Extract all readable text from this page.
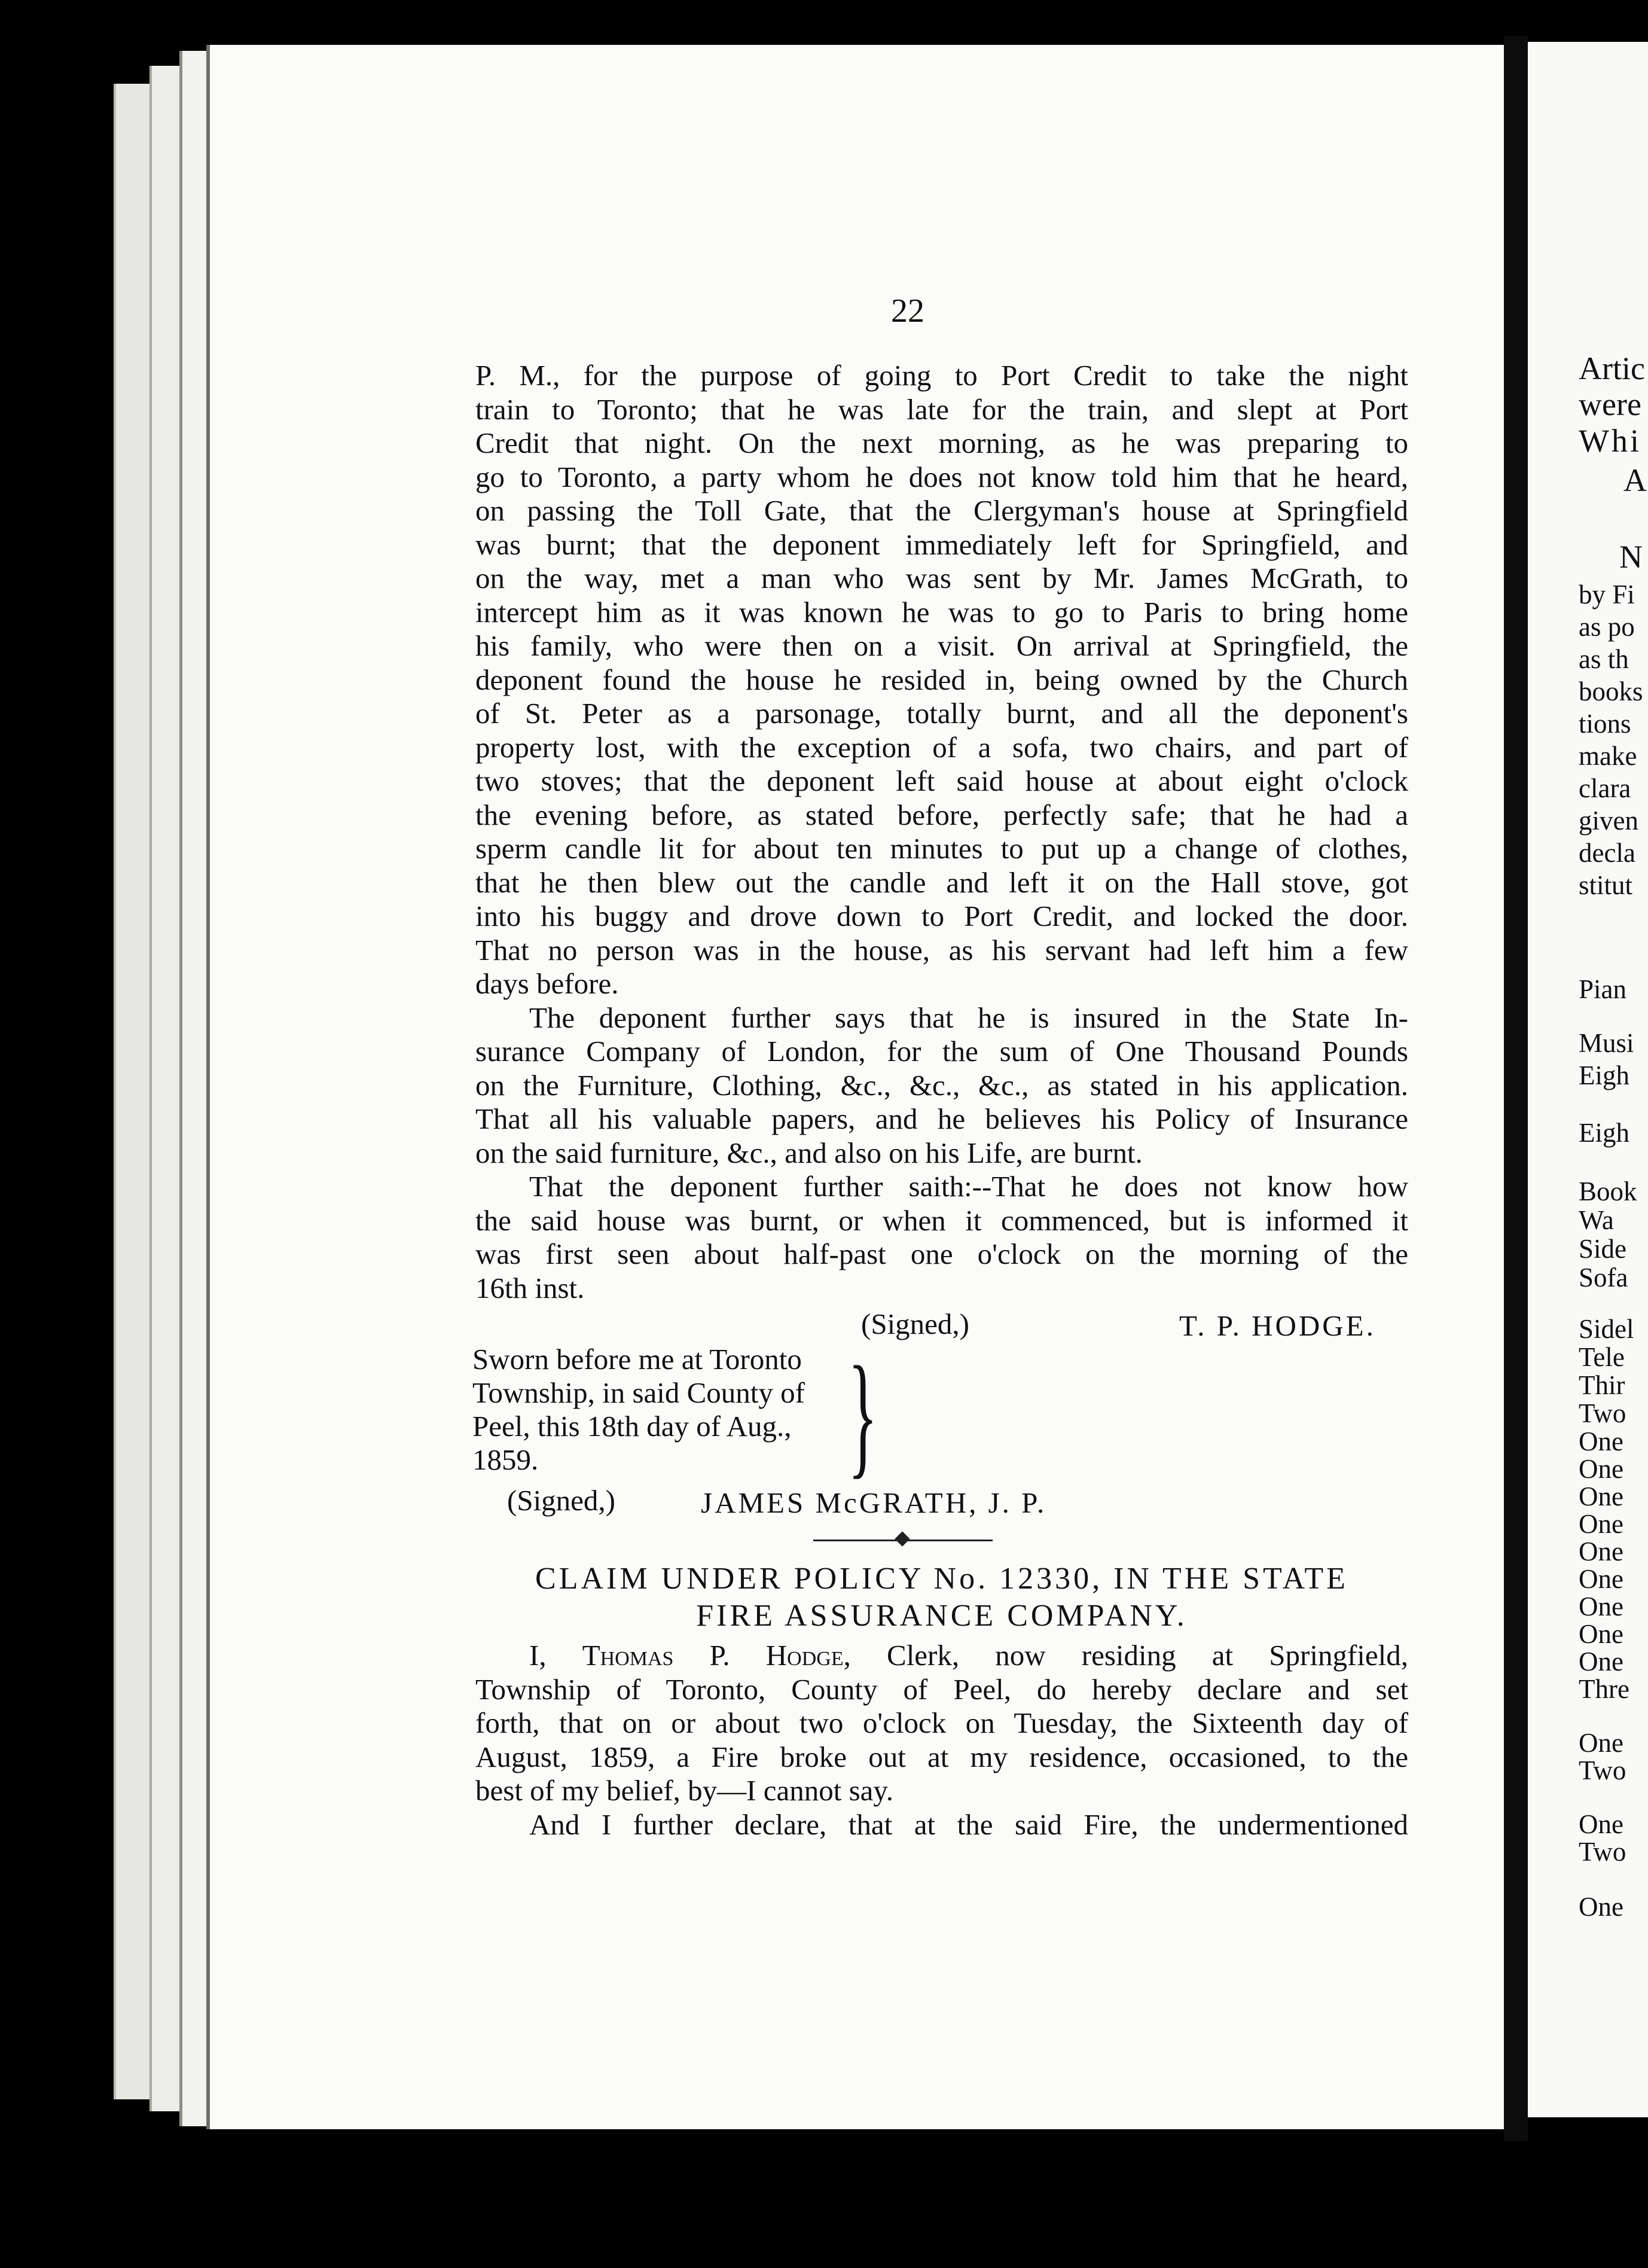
22
P. M., for the purpose of going to Port Credit to take the night
train to Toronto; that he was late for the train, and slept at Port
Credit that night. On the next morning, as he was preparing to
go to Toronto, a party whom he does not know told him that he heard,
on passing the Toll Gate, that the Clergyman's house at Springfield
was burnt; that the deponent immediately left for Springfield, and
on the way, met a man who was sent by Mr. James McGrath, to
intercept him as it was known he was to go to Paris to bring home
his family, who were then on a visit. On arrival at Springfield, the
deponent found the house he resided in, being owned by the Church
of St. Peter as a parsonage, totally burnt, and all the deponent's
property lost, with the exception of a sofa, two chairs, and part of
two stoves; that the deponent left said house at about eight o'clock
the evening before, as stated before, perfectly safe; that he had a
sperm candle lit for about ten minutes to put up a change of clothes,
that he then blew out the candle and left it on the Hall stove, got
into his buggy and drove down to Port Credit, and locked the door.
That no person was in the house, as his servant had left him a few
days before.
The deponent further says that he is insured in the State In-
surance Company of London, for the sum of One Thousand Pounds
on the Furniture, Clothing, &c., &c., &c., as stated in his application.
That all his valuable papers, and he believes his Policy of Insurance
on the said furniture, &c., and also on his Life, are burnt.
That the deponent further saith:--That he does not know how
the said house was burnt, or when it commenced, but is informed it
was first seen about half-past one o'clock on the morning of the
16th inst.
(Signed,)	T. P. HODGE.
Sworn before me at Toronto
Township, in said County of
Peel, this 18th day of Aug.,
1859.	}
(Signed,)	JAMES McGRATH, J. P.
CLAIM UNDER POLICY No. 12330, IN THE STATE
FIRE ASSURANCE COMPANY.
I, Thomas P. Hodge, Clerk, now residing at Springfield,
Township of Toronto, County of Peel, do hereby declare and set
forth, that on or about two o'clock on Tuesday, the Sixteenth day of
August, 1859, a Fire broke out at my residence, occasioned, to the
best of my belief, by—I cannot say.
And I further declare, that at the said Fire, the undermentioned
Artic
were
Whi
A
N
by Fi
as po
as th
books
tions
make
clara
given
decla
stitut
Pian
Musi
Eigh
Eigh
Book
Wa
Side
Sofa
Sidel
Tele
Thir
Two
One
One
One
One
One
One
One
One
One
Thre
One
Two
One
Two
One
